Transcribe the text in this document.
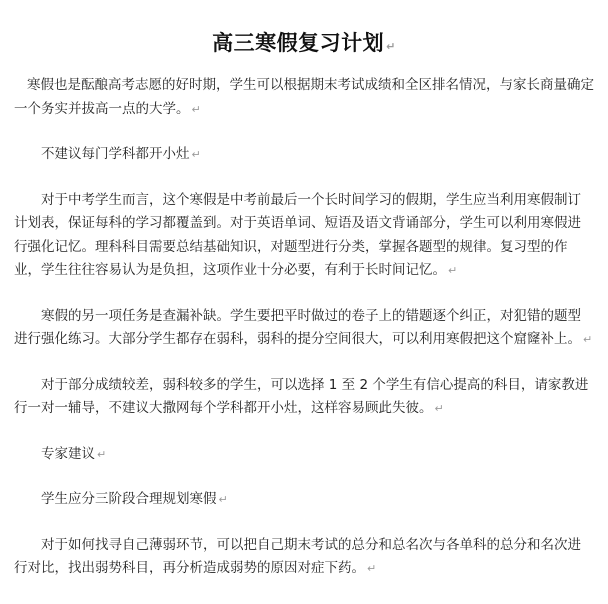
高三寒假复习计划 ↵

寒假也是酝酿高考志愿的好时期，学生可以根据期末考试成绩和全区排名情况，与家长商量确定一个务实并拔高一点的大学。 ↵

不建议每门学科都开小灶 ↵

对于中考学生而言，这个寒假是中考前最后一个长时间学习的假期，学生应当利用寒假制订计划表，保证每科的学习都覆盖到。对于英语单词、短语及语文背诵部分，学生可以利用寒假进行强化记忆。理科科目需要总结基础知识，对题型进行分类，掌握各题型的规律。复习型的作业，学生往往容易认为是负担，这项作业十分必要，有利于长时间记忆。 ↵

寒假的另一项任务是查漏补缺。学生要把平时做过的卷子上的错题逐个纠正，对犯错的题型进行强化练习。大部分学生都存在弱科，弱科的提分空间很大，可以利用寒假把这个窟窿补上。 ↵

对于部分成绩较差，弱科较多的学生，可以选择 1 至 2 个学生有信心提高的科目，请家教进行一对一辅导，不建议大撒网每个学科都开小灶，这样容易顾此失彼。 ↵

专家建议 ↵

学生应分三阶段合理规划寒假 ↵

对于如何找寻自己薄弱环节，可以把自己期末考试的总分和总名次与各单科的总分和名次进行对比，找出弱势科目，再分析造成弱势的原因对症下药。 ↵
